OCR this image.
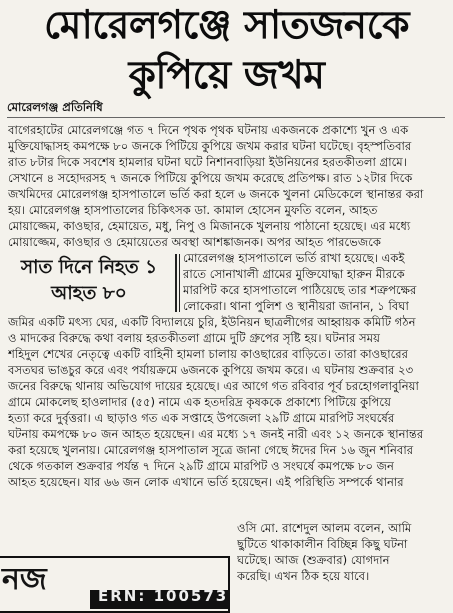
মোরেলগঞ্জে সাতজনকে
কুপিয়ে জখম
মোরেলগঞ্জ প্রতিনিধি
বাগেরহাটের মোরেলগঞ্জে গত ৭ দিনে পৃথক পৃথক ঘটনায় একজনকে প্রকাশ্যে খুন ও এক
মুক্তিযোদ্ধাসহ কমপক্ষে ৮০ জনকে পিটিয়ে কুপিয়ে জখম করার ঘটনা ঘটেছে। বৃহস্পতিবার
রাত ৮টার দিকে সবশেষ হামলার ঘটনা ঘটে নিশানবাড়িয়া ইউনিয়নের হরতকীতলা গ্রামে।
সেখানে ৪ সহোদরসহ ৭ জনকে পিটিয়ে কুপিয়ে জখম করেছে প্রতিপক্ষ। রাত ১২টার দিকে
জখমিদের মোরেলগঞ্জ হাসপাতালে ভর্তি করা হলে ৬ জনকে খুলনা মেডিকেলে স্থানান্তর করা
হয়। মোরেলগঞ্জ হাসপাতালের চিকিৎসক ডা. কামাল হোসেন মুফতি বলেন, আহত
মোয়াজ্জেম, কাওছার, হেমায়েত, মধু, নিপু ও মিজানকে খুলনায় পাঠানো হয়েছে। এর মধ্যে
মোয়াজ্জেম, কাওছার ও হেমায়েতের অবস্থা আশঙ্কাজনক। অপর আহত পারভেজকে
সাত দিনে নিহত ১
আহত ৮০
মোরেলগঞ্জ হাসপাতালে ভর্তি রাখা হয়েছে। একই
রাতে সোনাখালী গ্রামের মুক্তিযোদ্ধা হারুন মীরকে
মারপিট করে হাসপাতালে পাঠিয়েছে তার শত্রুপক্ষের
লোকেরা। থানা পুলিশ ও স্থানীয়রা জানান, ১ বিঘা
জমির একটি মৎস্য ঘের, একটি বিদ্যালয়ে চুরি, ইউনিয়ন ছাত্রলীগের আহ্বায়ক কমিটি গঠন
ও মাদকের বিরুদ্ধে কথা বলায় হরতকীতলা গ্রামে দুটি গ্রুপের সৃষ্টি হয়। ঘটনার সময়
শহিদুল শেখের নেতৃত্বে একটি বাহিনী হামলা চালায় কাওছারের বাড়িতে। তারা কাওছারের
বসতঘর ভাঙচুর করে এবং পর্যায়ক্রমে ৬জনকে কুপিয়ে জখম করে। এ ঘটনায় শুক্রবার ২৩
জনের বিরুদ্ধে থানায় অভিযোগ দায়ের হয়েছে। এর আগে গত রবিবার পূর্ব চরহোগলাবুনিয়া
গ্রামে মোকলেছ হাওলাদার (৫৫) নামে এক হতদরিদ্র কৃষককে প্রকাশ্যে পিটিয়ে কুপিয়ে
হত্যা করে দুর্বৃত্তরা। এ ছাড়াও গত এক সপ্তাহে উপজেলা ২৯টি গ্রামে মারপিট সংঘর্ষের
ঘটনায় কমপক্ষে ৮০ জন আহত হয়েছেন। এর মধ্যে ১৭ জনই নারী এবং ১২ জনকে স্থানান্তর
করা হয়েছে খুলনায়। মোরেলগঞ্জ হাসপাতাল সূত্রে জানা গেছে ঈদের দিন ১৬ জুন শনিবার
থেকে গতকাল শুক্রবার পর্যন্ত ৭ দিনে ২৯টি গ্রামে মারপিট ও সংঘর্ষে কমপক্ষে ৮০ জন
আহত হয়েছেন। যার ৬৬ জন লোক এখানে ভর্তি হয়েছেন। এই পরিস্থিতি সম্পর্কে থানার
ওসি মো. রাশেদুল আলম বলেন, আমি
ছুটিতে থাকাকালীন বিচ্ছিন্ন কিছু ঘটনা
ঘটেছে। আজ (শুক্রবার) যোগদান
করেছি। এখন ঠিক হয়ে যাবে।
নজ	ERN: 100573
